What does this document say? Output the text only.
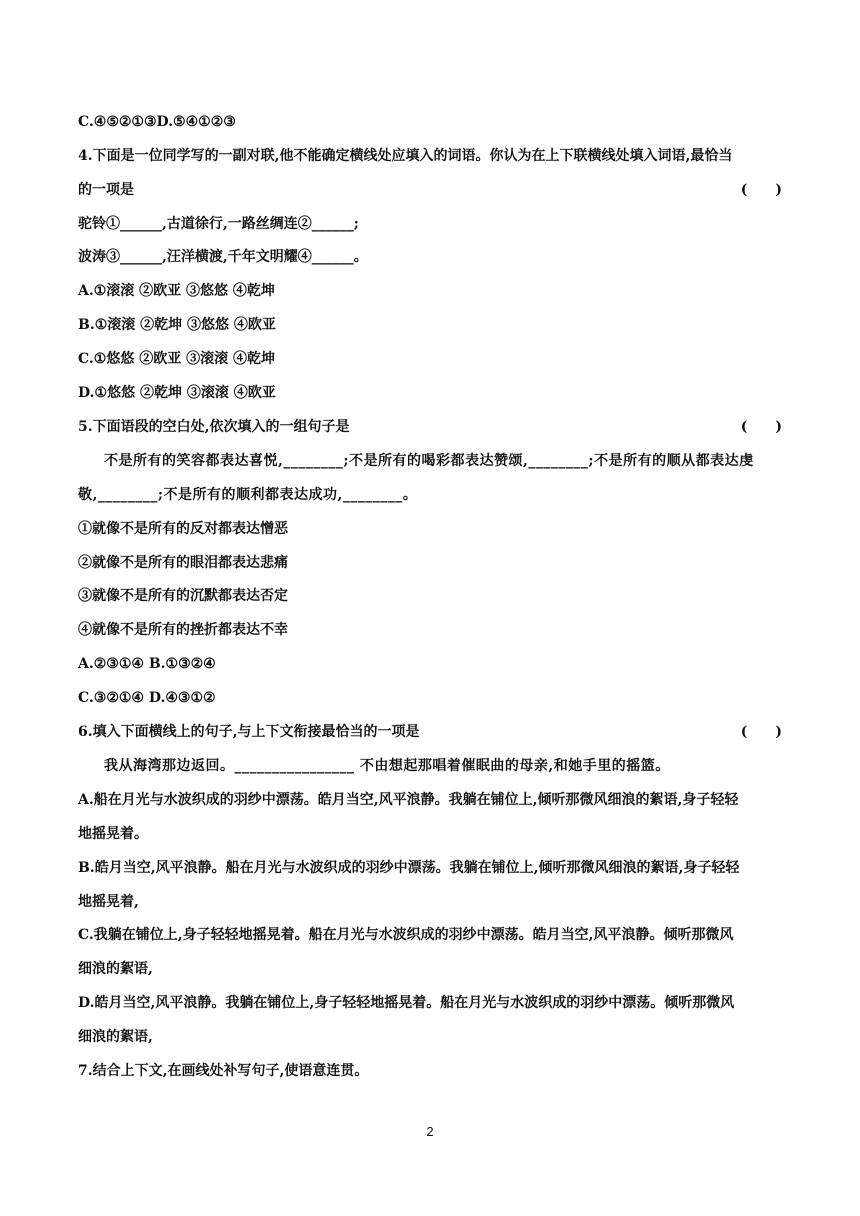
C.④⑤②①③D.⑤④①②③
4.下面是一位同学写的一副对联,他不能确定横线处应填入的词语。你认为在上下联横线处填入词语,最恰当
的一项是	(　　)
驼铃①______,古道徐行,一路丝绸连②______;
波涛③______,汪洋横渡,千年文明耀④______。
A.①滚滚 ②欧亚 ③悠悠 ④乾坤
B.①滚滚 ②乾坤 ③悠悠 ④欧亚
C.①悠悠 ②欧亚 ③滚滚 ④乾坤
D.①悠悠 ②乾坤 ③滚滚 ④欧亚
5.下面语段的空白处,依次填入的一组句子是	(　　)
不是所有的笑容都表达喜悦,________;不是所有的喝彩都表达赞颂,________;不是所有的顺从都表达虔
敬,________;不是所有的顺利都表达成功,________。
①就像不是所有的反对都表达憎恶
②就像不是所有的眼泪都表达悲痛
③就像不是所有的沉默都表达否定
④就像不是所有的挫折都表达不幸
A.②③①④ B.①③②④
C.③②①④ D.④③①②
6.填入下面横线上的句子,与上下文衔接最恰当的一项是	(　　)
我从海湾那边返回。________________ 不由想起那唱着催眠曲的母亲,和她手里的摇篮。
A.船在月光与水波织成的羽纱中漂荡。皓月当空,风平浪静。我躺在铺位上,倾听那微风细浪的絮语,身子轻轻
地摇晃着。
B.皓月当空,风平浪静。船在月光与水波织成的羽纱中漂荡。我躺在铺位上,倾听那微风细浪的絮语,身子轻轻
地摇晃着,
C.我躺在铺位上,身子轻轻地摇晃着。船在月光与水波织成的羽纱中漂荡。皓月当空,风平浪静。倾听那微风
细浪的絮语,
D.皓月当空,风平浪静。我躺在铺位上,身子轻轻地摇晃着。船在月光与水波织成的羽纱中漂荡。倾听那微风
细浪的絮语,
7.结合上下文,在画线处补写句子,使语意连贯。
2
